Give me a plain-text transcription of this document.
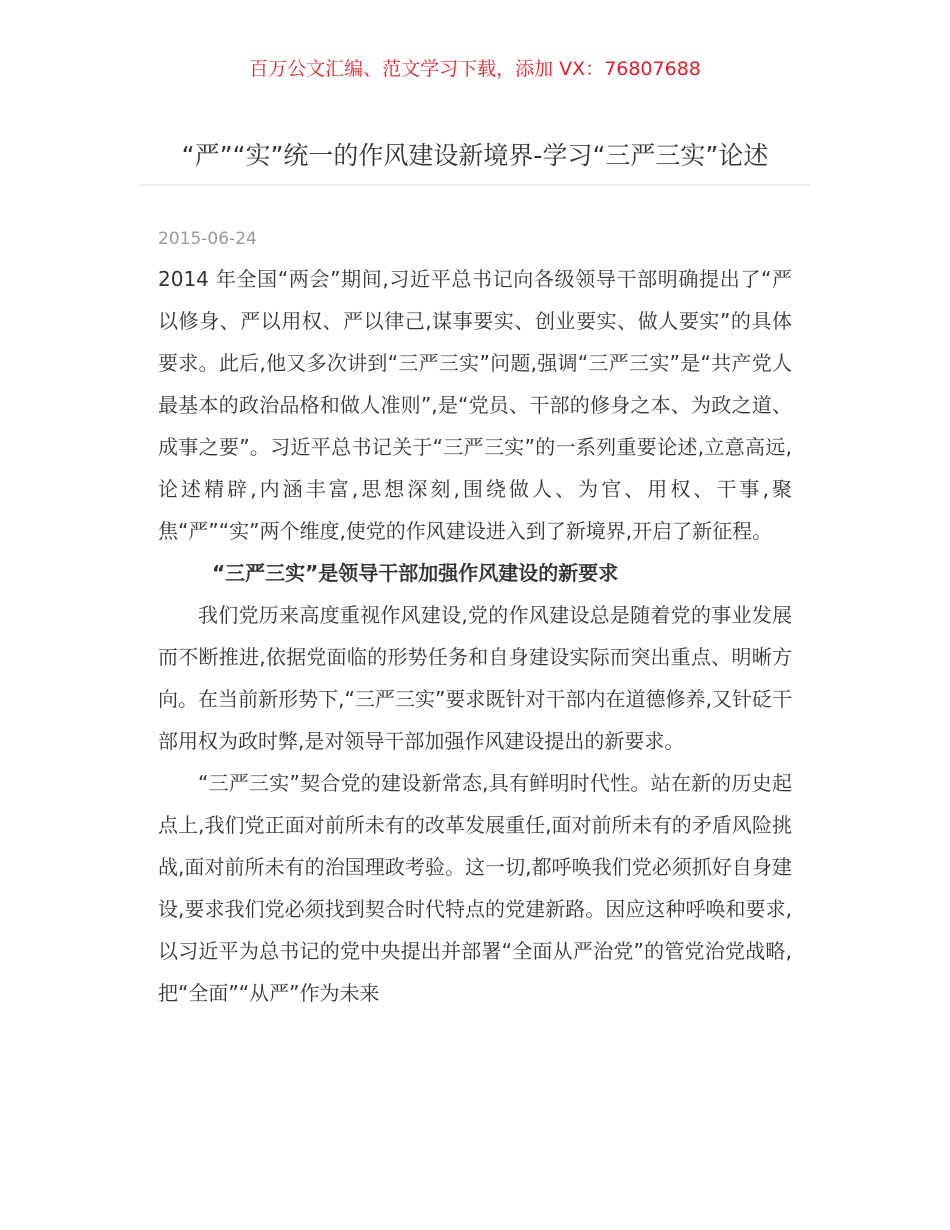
百万公文汇编、范文学习下载，添加 VX：76807688
“严”“实”统一的作风建设新境界-学习“三严三实”论述
2015-06-24

2014 年全国“两会”期间,习近平总书记向各级领导干部明确提出了“严以修身、严以用权、严以律己,谋事要实、创业要实、做人要实”的具体要求。此后,他又多次讲到“三严三实”问题,强调“三严三实”是“共产党人最基本的政治品格和做人准则”,是“党员、干部的修身之本、为政之道、成事之要”。习近平总书记关于“三严三实”的一系列重要论述,立意高远,论述精辟,内涵丰富,思想深刻,围绕做人、为官、用权、干事,聚焦“严”“实”两个维度,使党的作风建设进入到了新境界,开启了新征程。

“三严三实”是领导干部加强作风建设的新要求

我们党历来高度重视作风建设,党的作风建设总是随着党的事业发展而不断推进,依据党面临的形势任务和自身建设实际而突出重点、明晰方向。在当前新形势下,“三严三实”要求既针对干部内在道德修养,又针砭干部用权为政时弊,是对领导干部加强作风建设提出的新要求。

“三严三实”契合党的建设新常态,具有鲜明时代性。站在新的历史起点上,我们党正面对前所未有的改革发展重任,面对前所未有的矛盾风险挑战,面对前所未有的治国理政考验。这一切,都呼唤我们党必须抓好自身建设,要求我们党必须找到契合时代特点的党建新路。因应这种呼唤和要求,以习近平为总书记的党中央提出并部署“全面从严治党”的管党治党战略,把“全面”“从严”作为未来
